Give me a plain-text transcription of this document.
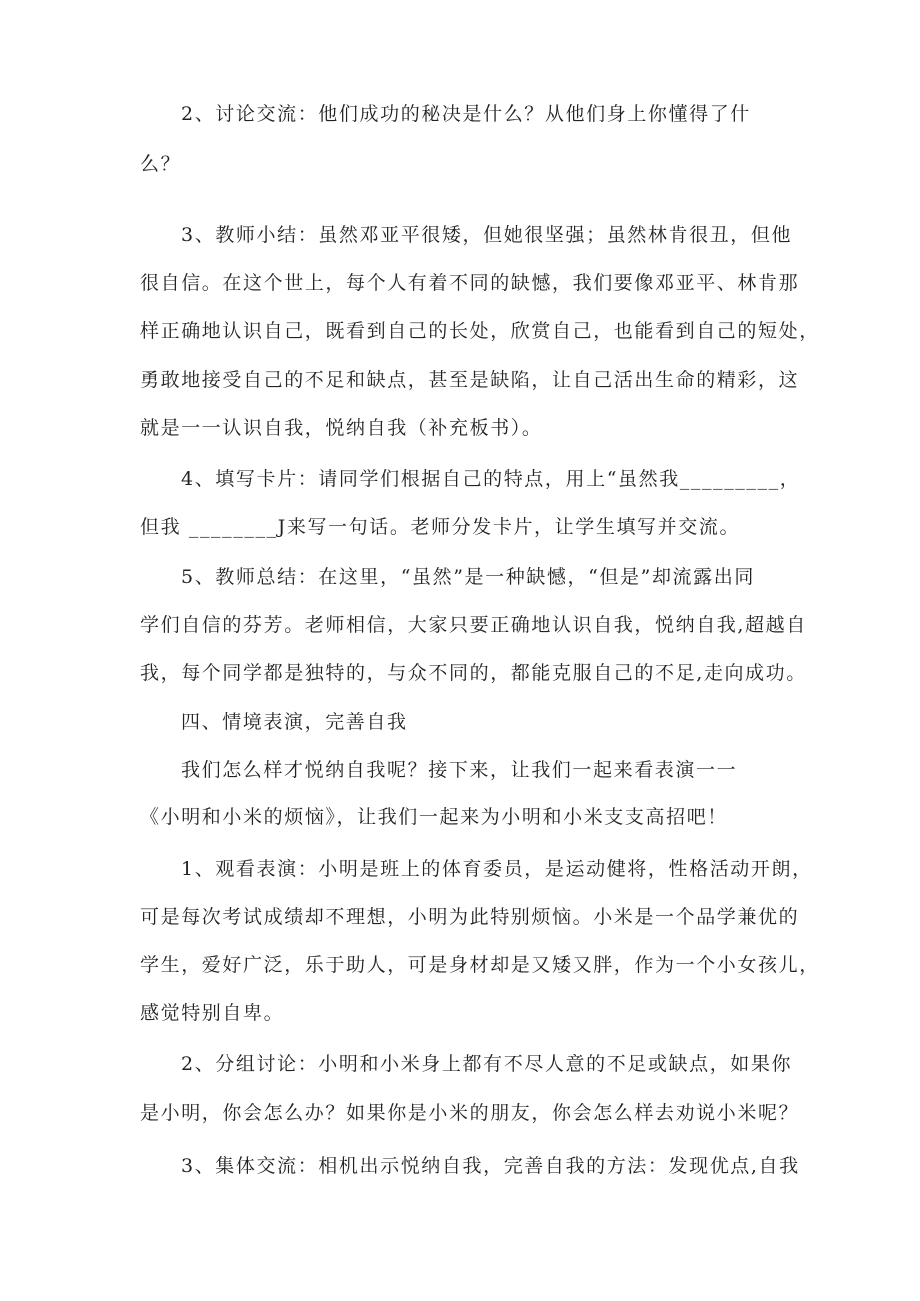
2、讨论交流：他们成功的秘决是什么？从他们身上你懂得了什
么？
3、教师小结：虽然邓亚平很矮，但她很坚强；虽然林肯很丑，但他
很自信。在这个世上，每个人有着不同的缺憾，我们要像邓亚平、林肯那
样正确地认识自己，既看到自己的长处，欣赏自己，也能看到自己的短处，
勇敢地接受自己的不足和缺点，甚至是缺陷，让自己活出生命的精彩，这
就是一一认识自我，悦纳自我（补充板书）。
4、填写卡片：请同学们根据自己的特点，用上“虽然我_________，
但我 ________J来写一句话。老师分发卡片，让学生填写并交流。
5、教师总结：在这里，“虽然”是一种缺憾，“但是”却流露出同
学们自信的芬芳。老师相信，大家只要正确地认识自我，悦纳自我,超越自
我，每个同学都是独特的，与众不同的，都能克服自己的不足,走向成功。
四、情境表演，完善自我
我们怎么样才悦纳自我呢？接下来，让我们一起来看表演一一
《小明和小米的烦恼》，让我们一起来为小明和小米支支高招吧！
1、观看表演：小明是班上的体育委员，是运动健将，性格活动开朗，
可是每次考试成绩却不理想，小明为此特别烦恼。小米是一个品学兼优的
学生，爱好广泛，乐于助人，可是身材却是又矮又胖，作为一个小女孩儿，
感觉特别自卑。
2、分组讨论：小明和小米身上都有不尽人意的不足或缺点，如果你
是小明，你会怎么办？如果你是小米的朋友，你会怎么样去劝说小米呢？
3、集体交流：相机出示悦纳自我，完善自我的方法：发现优点,自我
